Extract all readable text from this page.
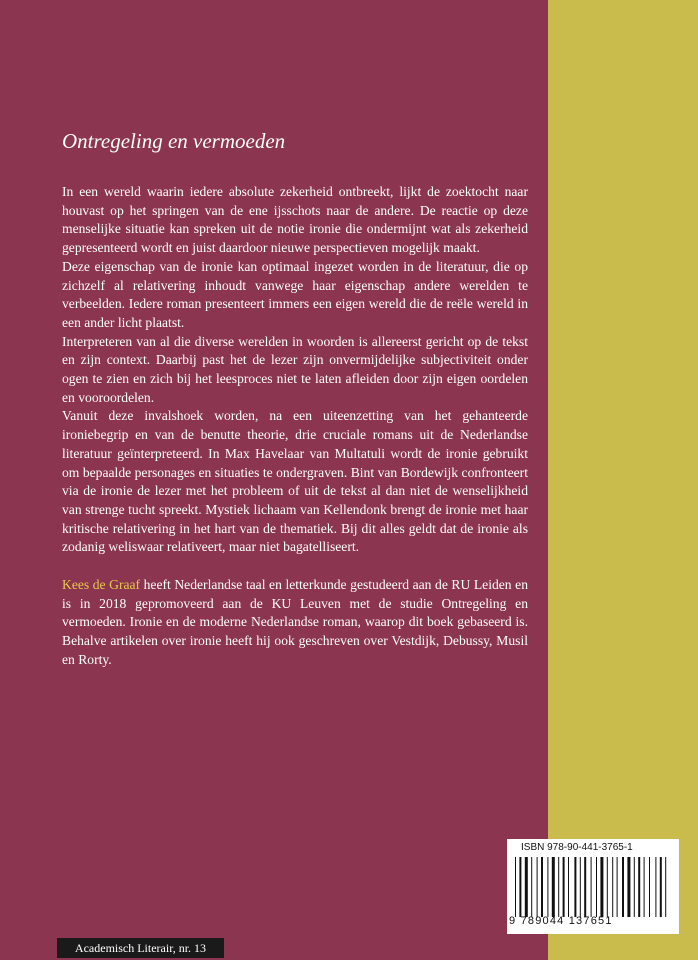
Ontregeling en vermoeden

In een wereld waarin iedere absolute zekerheid ontbreekt, lijkt de zoektocht naar houvast op het springen van de ene ijsschots naar de andere. De reactie op deze menselijke situatie kan spreken uit de notie ironie die ondermijnt wat als zekerheid gepresenteerd wordt en juist daardoor nieuwe perspectieven mogelijk maakt.

Deze eigenschap van de ironie kan optimaal ingezet worden in de literatuur, die op zichzelf al relativering inhoudt vanwege haar eigenschap andere werelden te verbeelden. Iedere roman presenteert immers een eigen wereld die de reële wereld in een ander licht plaatst.

Interpreteren van al die diverse werelden in woorden is allereerst gericht op de tekst en zijn context. Daarbij past het de lezer zijn onvermijdelijke subjectiviteit onder ogen te zien en zich bij het leesproces niet te laten afleiden door zijn eigen oordelen en vooroordelen.

Vanuit deze invalshoek worden, na een uiteenzetting van het gehanteerde ironiebegrip en van de benutte theorie, drie cruciale romans uit de Nederlandse literatuur geïnterpreteerd. In Max Havelaar van Multatuli wordt de ironie gebruikt om bepaalde personages en situaties te ondergraven. Bint van Bordewijk confronteert via de ironie de lezer met het probleem of uit de tekst al dan niet de wenselijkheid van strenge tucht spreekt. Mystiek lichaam van Kellendonk brengt de ironie met haar kritische relativering in het hart van de thematiek. Bij dit alles geldt dat de ironie als zodanig weliswaar relativeert, maar niet bagatelliseert.

Kees de Graaf heeft Nederlandse taal en letterkunde gestudeerd aan de RU Leiden en is in 2018 gepromoveerd aan de KU Leuven met de studie Ontregeling en vermoeden. Ironie en de moderne Nederlandse roman, waarop dit boek gebaseerd is. Behalve artikelen over ironie heeft hij ook geschreven over Vestdijk, Debussy, Musil en Rorty.

ISBN 978-90-441-3765-1
9 789044 137651
Academisch Literair, nr. 13
